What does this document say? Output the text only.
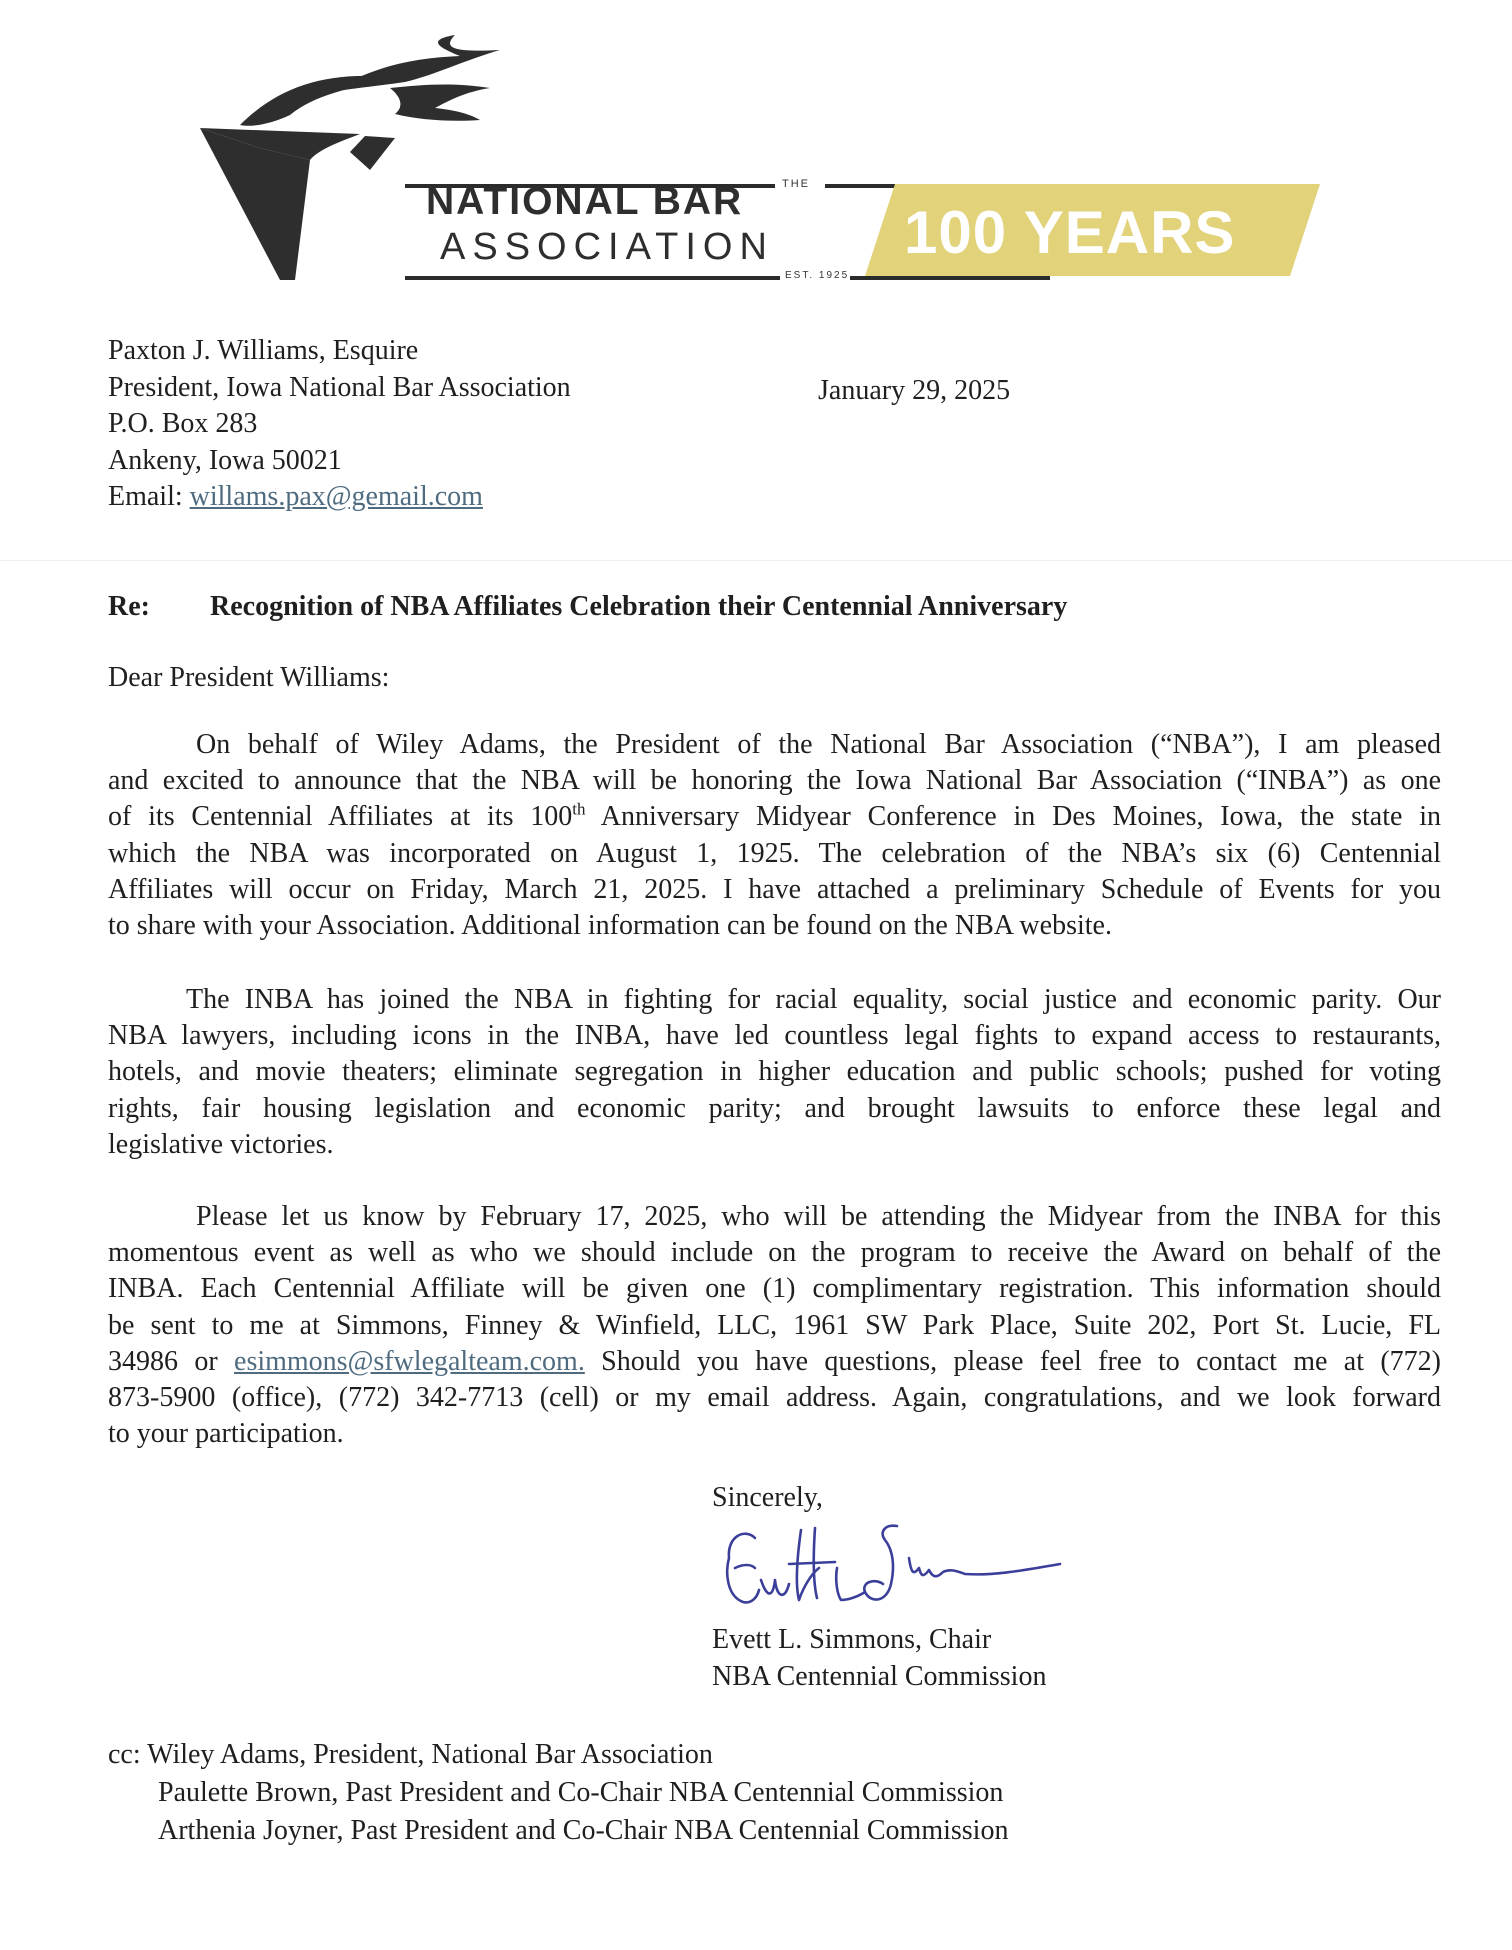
THE
NATIONAL BAR
ASSOCIATION
EST. 1925
100 YEARS
Paxton J. Williams, Esquire
President, Iowa National Bar Association
P.O. Box 283
Ankeny, Iowa 50021
Email: willams.pax@gemail.com
January 29, 2025
Re: Recognition of NBA Affiliates Celebration their Centennial Anniversary
Dear President Williams:
On behalf of Wiley Adams, the President of the National Bar Association (“NBA”), I am pleased
and excited to announce that the NBA will be honoring the Iowa National Bar Association (“INBA”) as one
of its Centennial Affiliates at its 100th Anniversary Midyear Conference in Des Moines, Iowa, the state in
which the NBA was incorporated on August 1, 1925. The celebration of the NBA’s six (6) Centennial
Affiliates will occur on Friday, March 21, 2025. I have attached a preliminary Schedule of Events for you
to share with your Association. Additional information can be found on the NBA website.
The INBA has joined the NBA in fighting for racial equality, social justice and economic parity. Our
NBA lawyers, including icons in the INBA, have led countless legal fights to expand access to restaurants,
hotels, and movie theaters; eliminate segregation in higher education and public schools; pushed for voting
rights, fair housing legislation and economic parity; and brought lawsuits to enforce these legal and
legislative victories.
Please let us know by February 17, 2025, who will be attending the Midyear from the INBA for this
momentous event as well as who we should include on the program to receive the Award on behalf of the
INBA. Each Centennial Affiliate will be given one (1) complimentary registration. This information should
be sent to me at Simmons, Finney & Winfield, LLC, 1961 SW Park Place, Suite 202, Port St. Lucie, FL
34986 or esimmons@sfwlegalteam.com. Should you have questions, please feel free to contact me at (772)
873-5900 (office), (772) 342-7713 (cell) or my email address. Again, congratulations, and we look forward
to your participation.
Sincerely,
Evett L. Simmons, Chair
NBA Centennial Commission
cc: Wiley Adams, President, National Bar Association
Paulette Brown, Past President and Co-Chair NBA Centennial Commission
Arthenia Joyner, Past President and Co-Chair NBA Centennial Commission
